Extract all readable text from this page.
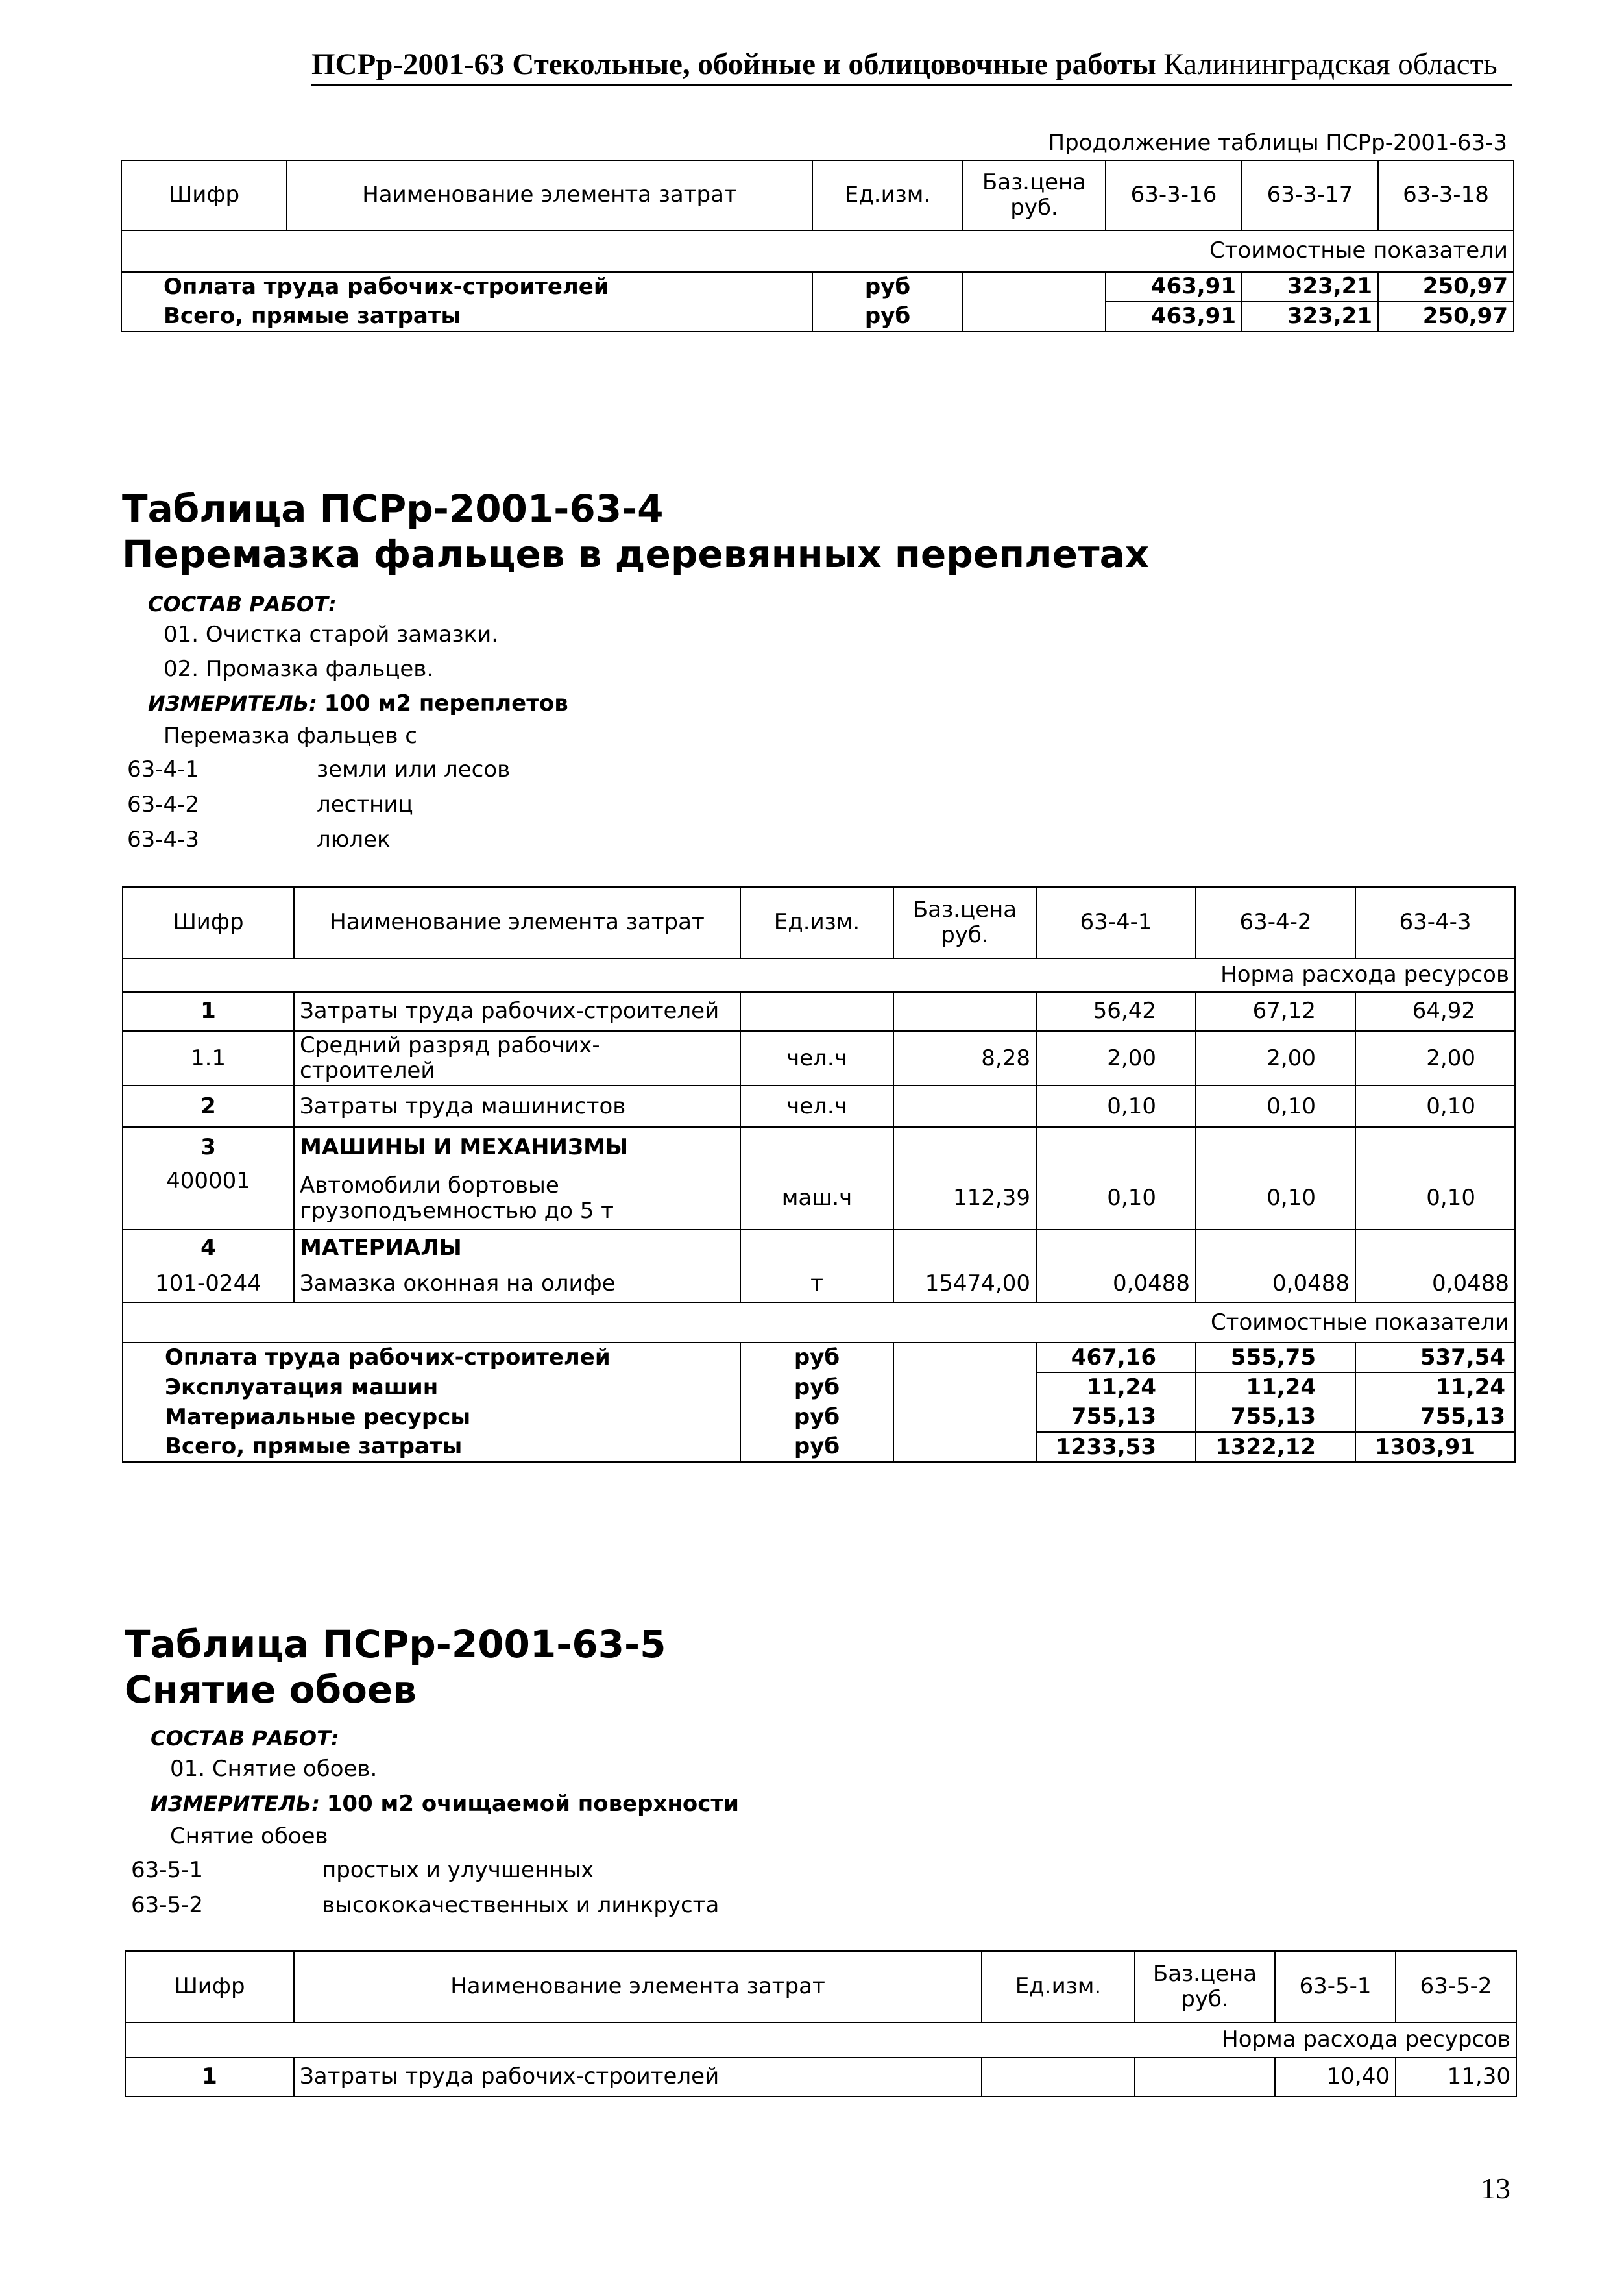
ПСРр-2001-63 Стекольные, обойные и облицовочные работы Калининградская область
Продолжение таблицы ПСРр-2001-63-3
Шифр	Наименование элемента затрат	Ед.изм.	Баз.цена руб.	63-3-16	63-3-17	63-3-18
Стоимостные показатели						
Оплата труда рабочих-строителей		руб		463,91	323,21	250,97
Всего, прямые затраты		руб		463,91	323,21	250,97
Таблица ПСРр-2001-63-4
Перемазка фальцев в деревянных переплетах
СОСТАВ РАБОТ:
01. Очистка старой замазки.
02. Промазка фальцев.
ИЗМЕРИТЕЛЬ: 100 м2 переплетов
Перемазка фальцев с
63-4-1	земли или лесов
63-4-2	лестниц
63-4-3	люлек
Шифр	Наименование элемента затрат	Ед.изм.	Баз.цена руб.	63-4-1	63-4-2	63-4-3
Норма расхода ресурсов						
1	Затраты труда рабочих-строителей			56,42	67,12	64,92
1.1	Средний разряд рабочих-строителей	чел.ч	8,28	2,00	2,00	2,00
2	Затраты труда машинистов	чел.ч		0,10	0,10	0,10
3	МАШИНЫ И МЕХАНИЗМЫ					
400001	Автомобили бортовые грузоподъемностью до 5 т	маш.ч	112,39	0,10	0,10	0,10
4	МАТЕРИАЛЫ					
101-0244	Замазка оконная на олифе	т	15474,00	0,0488	0,0488	0,0488
Стоимостные показатели						
Оплата труда рабочих-строителей		руб		467,16	555,75	537,54
Эксплуатация машин		руб		11,24	11,24	11,24
Материальные ресурсы		руб		755,13	755,13	755,13
Всего, прямые затраты		руб		1233,53	1322,12	1303,91
Таблица ПСРр-2001-63-5
Снятие обоев
СОСТАВ РАБОТ:
01. Снятие обоев.
ИЗМЕРИТЕЛЬ: 100 м2 очищаемой поверхности
Снятие обоев
63-5-1	простых и улучшенных
63-5-2	высококачественных и линкруста
Шифр	Наименование элемента затрат	Ед.изм.	Баз.цена руб.	63-5-1	63-5-2
Норма расхода ресурсов					
1	Затраты труда рабочих-строителей			10,40	11,30
13
